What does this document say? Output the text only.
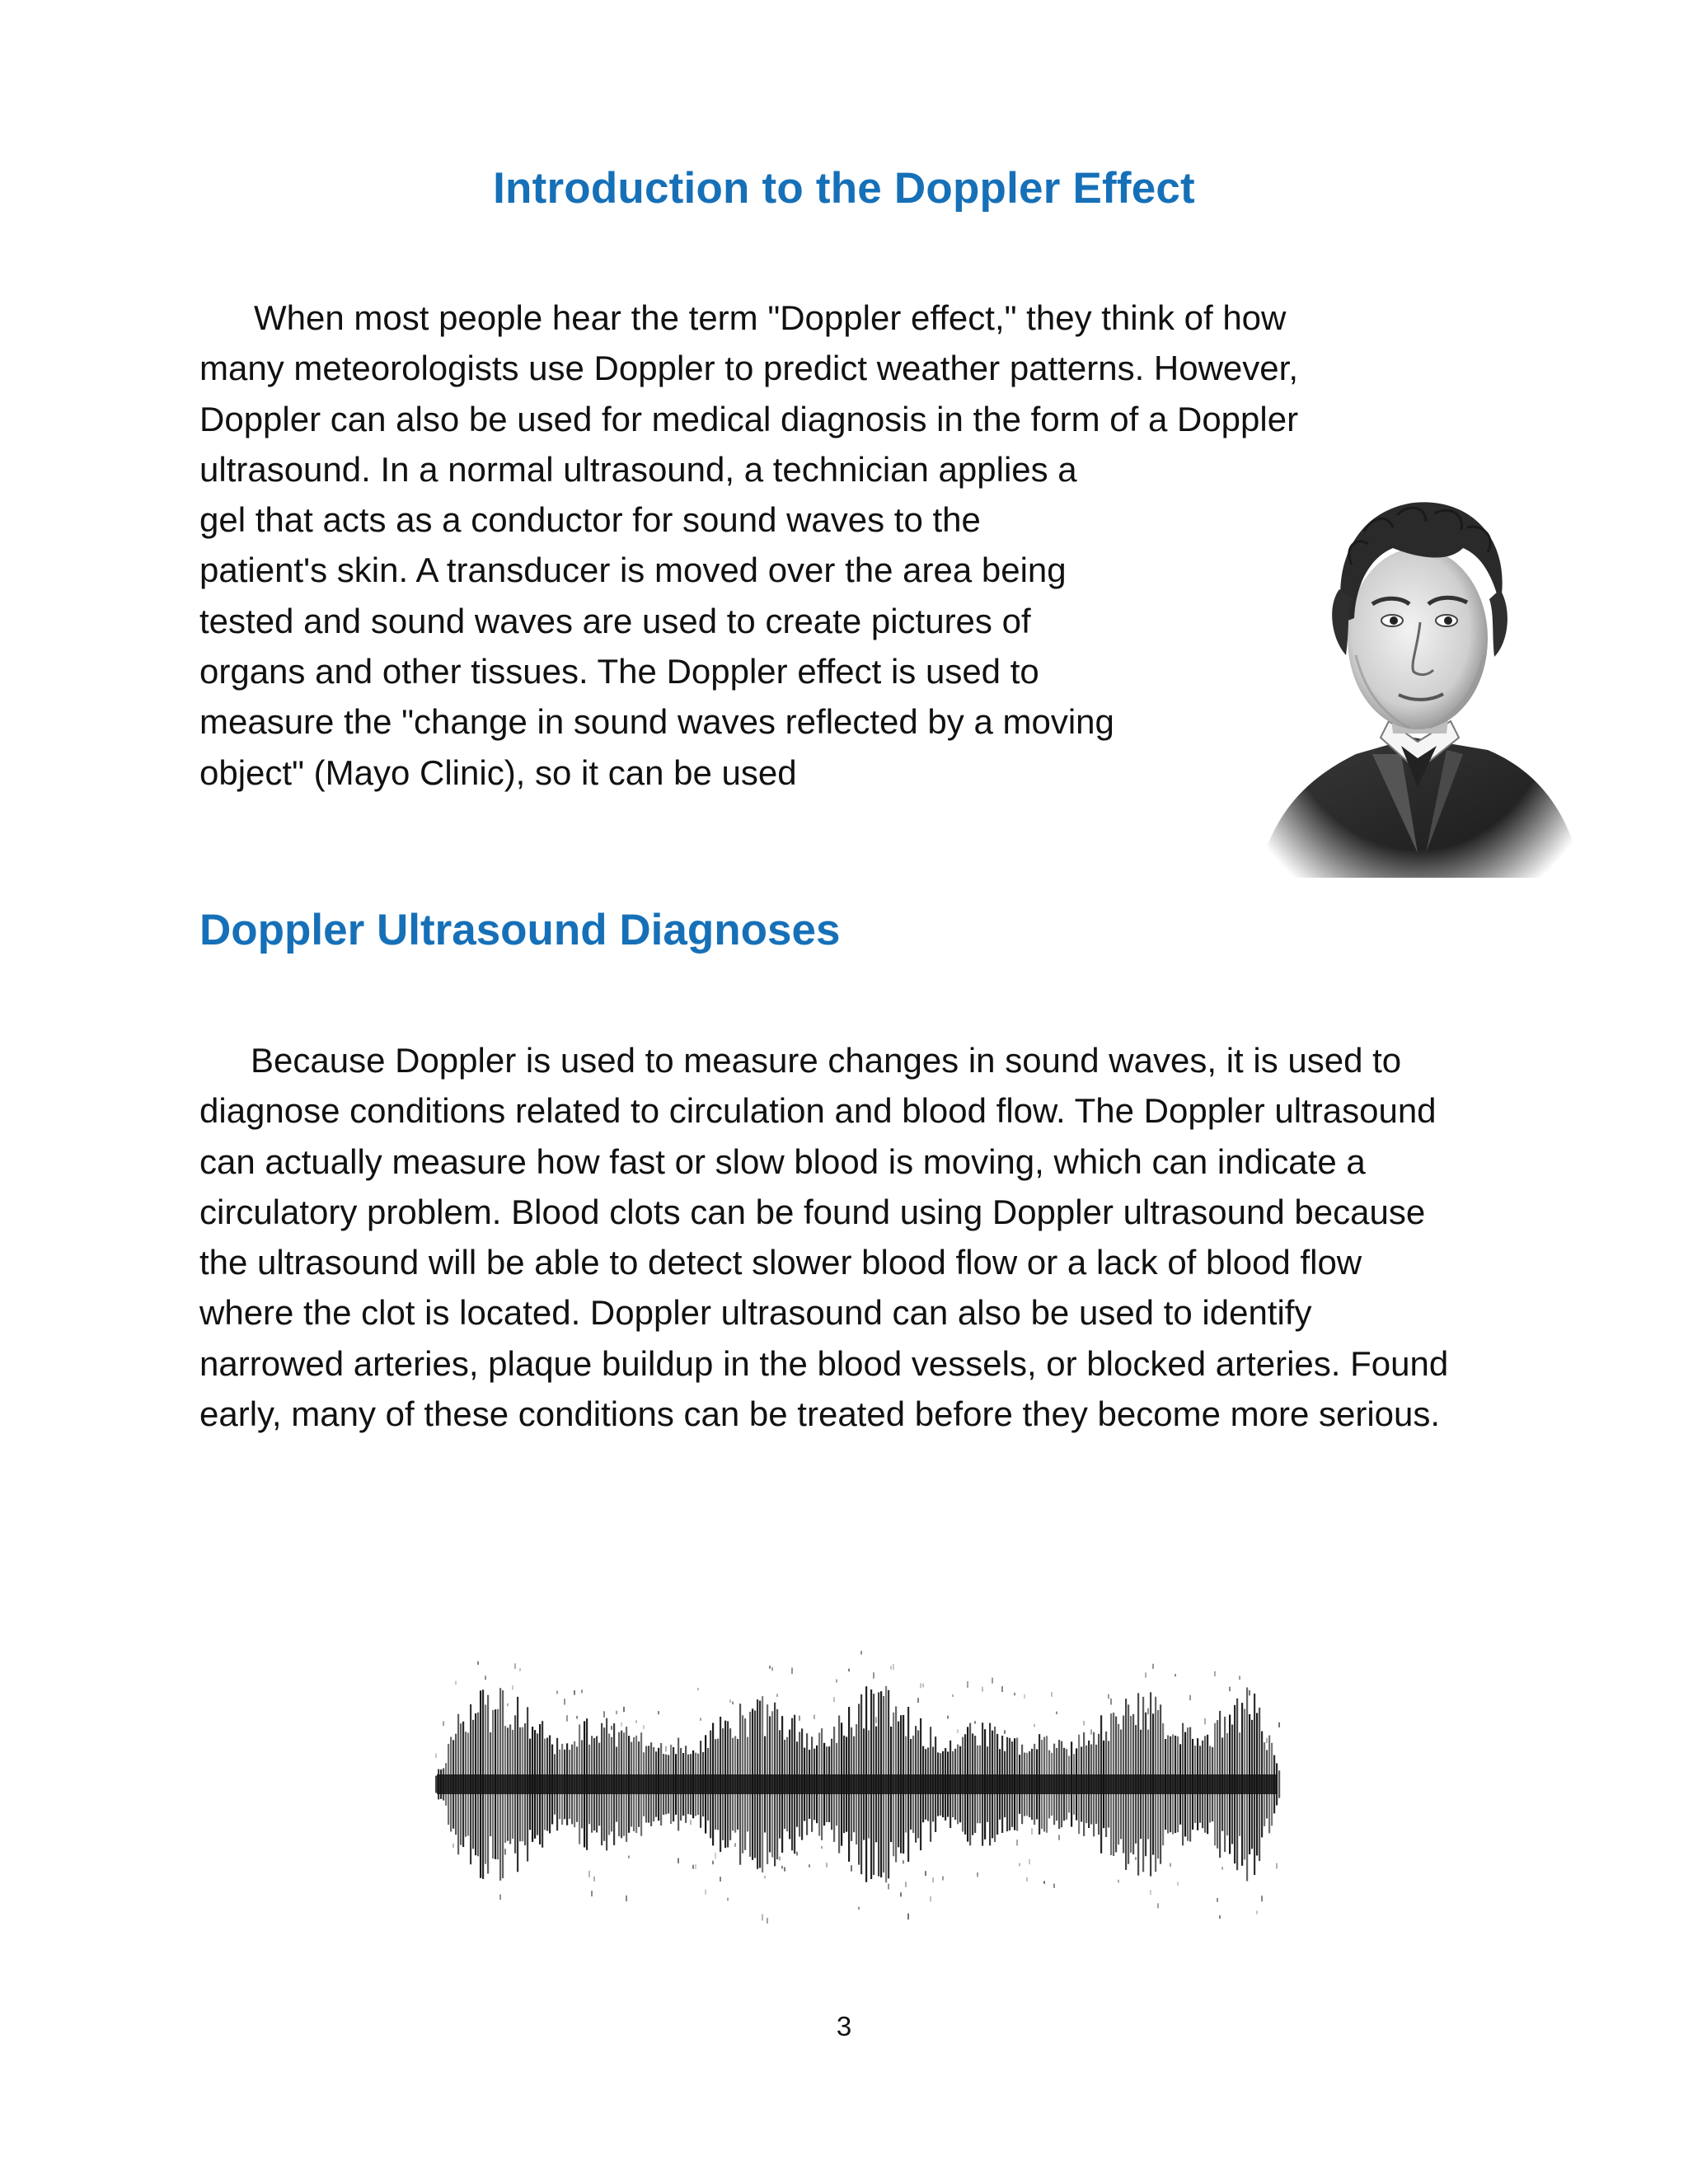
Introduction to the Doppler Effect
When most people hear the term "Doppler effect," they think of how
many meteorologists use Doppler to predict weather patterns. However,
Doppler can also be used for medical diagnosis in the form of a Doppler
ultrasound. In a normal ultrasound, a technician applies a
gel that acts as a conductor for sound waves to the
patient's skin. A transducer is moved over the area being
tested and sound waves are used to create pictures of
organs and other tissues. The Doppler effect is used to
measure the "change in sound waves reflected by a moving
object" (Mayo Clinic), so it can be used
Doppler Ultrasound Diagnoses
Because Doppler is used to measure changes in sound waves, it is used to
diagnose conditions related to circulation and blood flow. The Doppler ultrasound
can actually measure how fast or slow blood is moving, which can indicate a
circulatory problem. Blood clots can be found using Doppler ultrasound because
the ultrasound will be able to detect slower blood flow or a lack of blood flow
where the clot is located. Doppler ultrasound can also be used to identify
narrowed arteries, plaque buildup in the blood vessels, or blocked arteries. Found
early, many of these conditions can be treated before they become more serious.
3
